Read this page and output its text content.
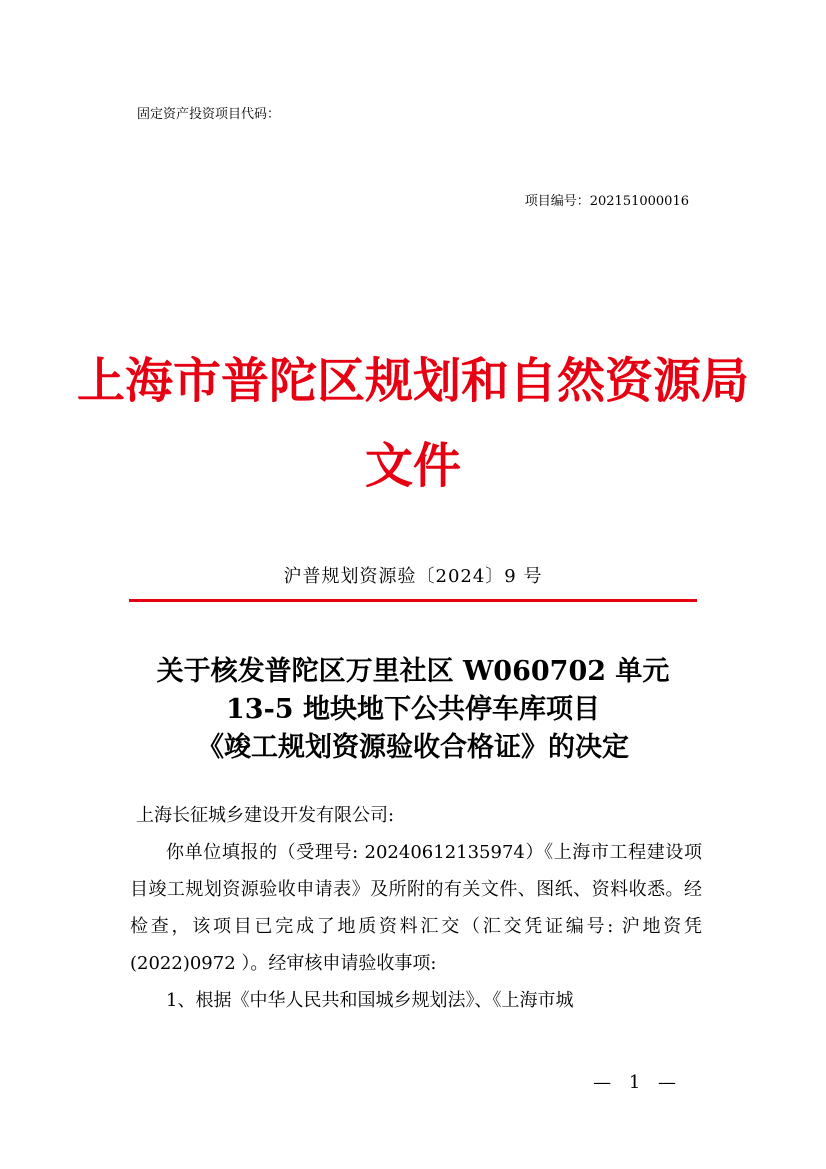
固定资产投资项目代码：
项目编号：202151000016
上海市普陀区规划和自然资源局
文件
沪普规划资源验〔2024〕9 号
关于核发普陀区万里社区 W060702 单元
13-5 地块地下公共停车库项目
《竣工规划资源验收合格证》的决定

上海长征城乡建设开发有限公司:

你单位填报的（受理号: 20240612135974）《上海市工程建设项目竣工规划资源验收申请表》及所附的有关文件、图纸、资料收悉。经检查，该项目已完成了地质资料汇交（汇交凭证编号: 沪地资凭(2022)0972 ）。经审核申请验收事项:

1、根据《中华人民共和国城乡规划法》、《上海市城

— 1 —
